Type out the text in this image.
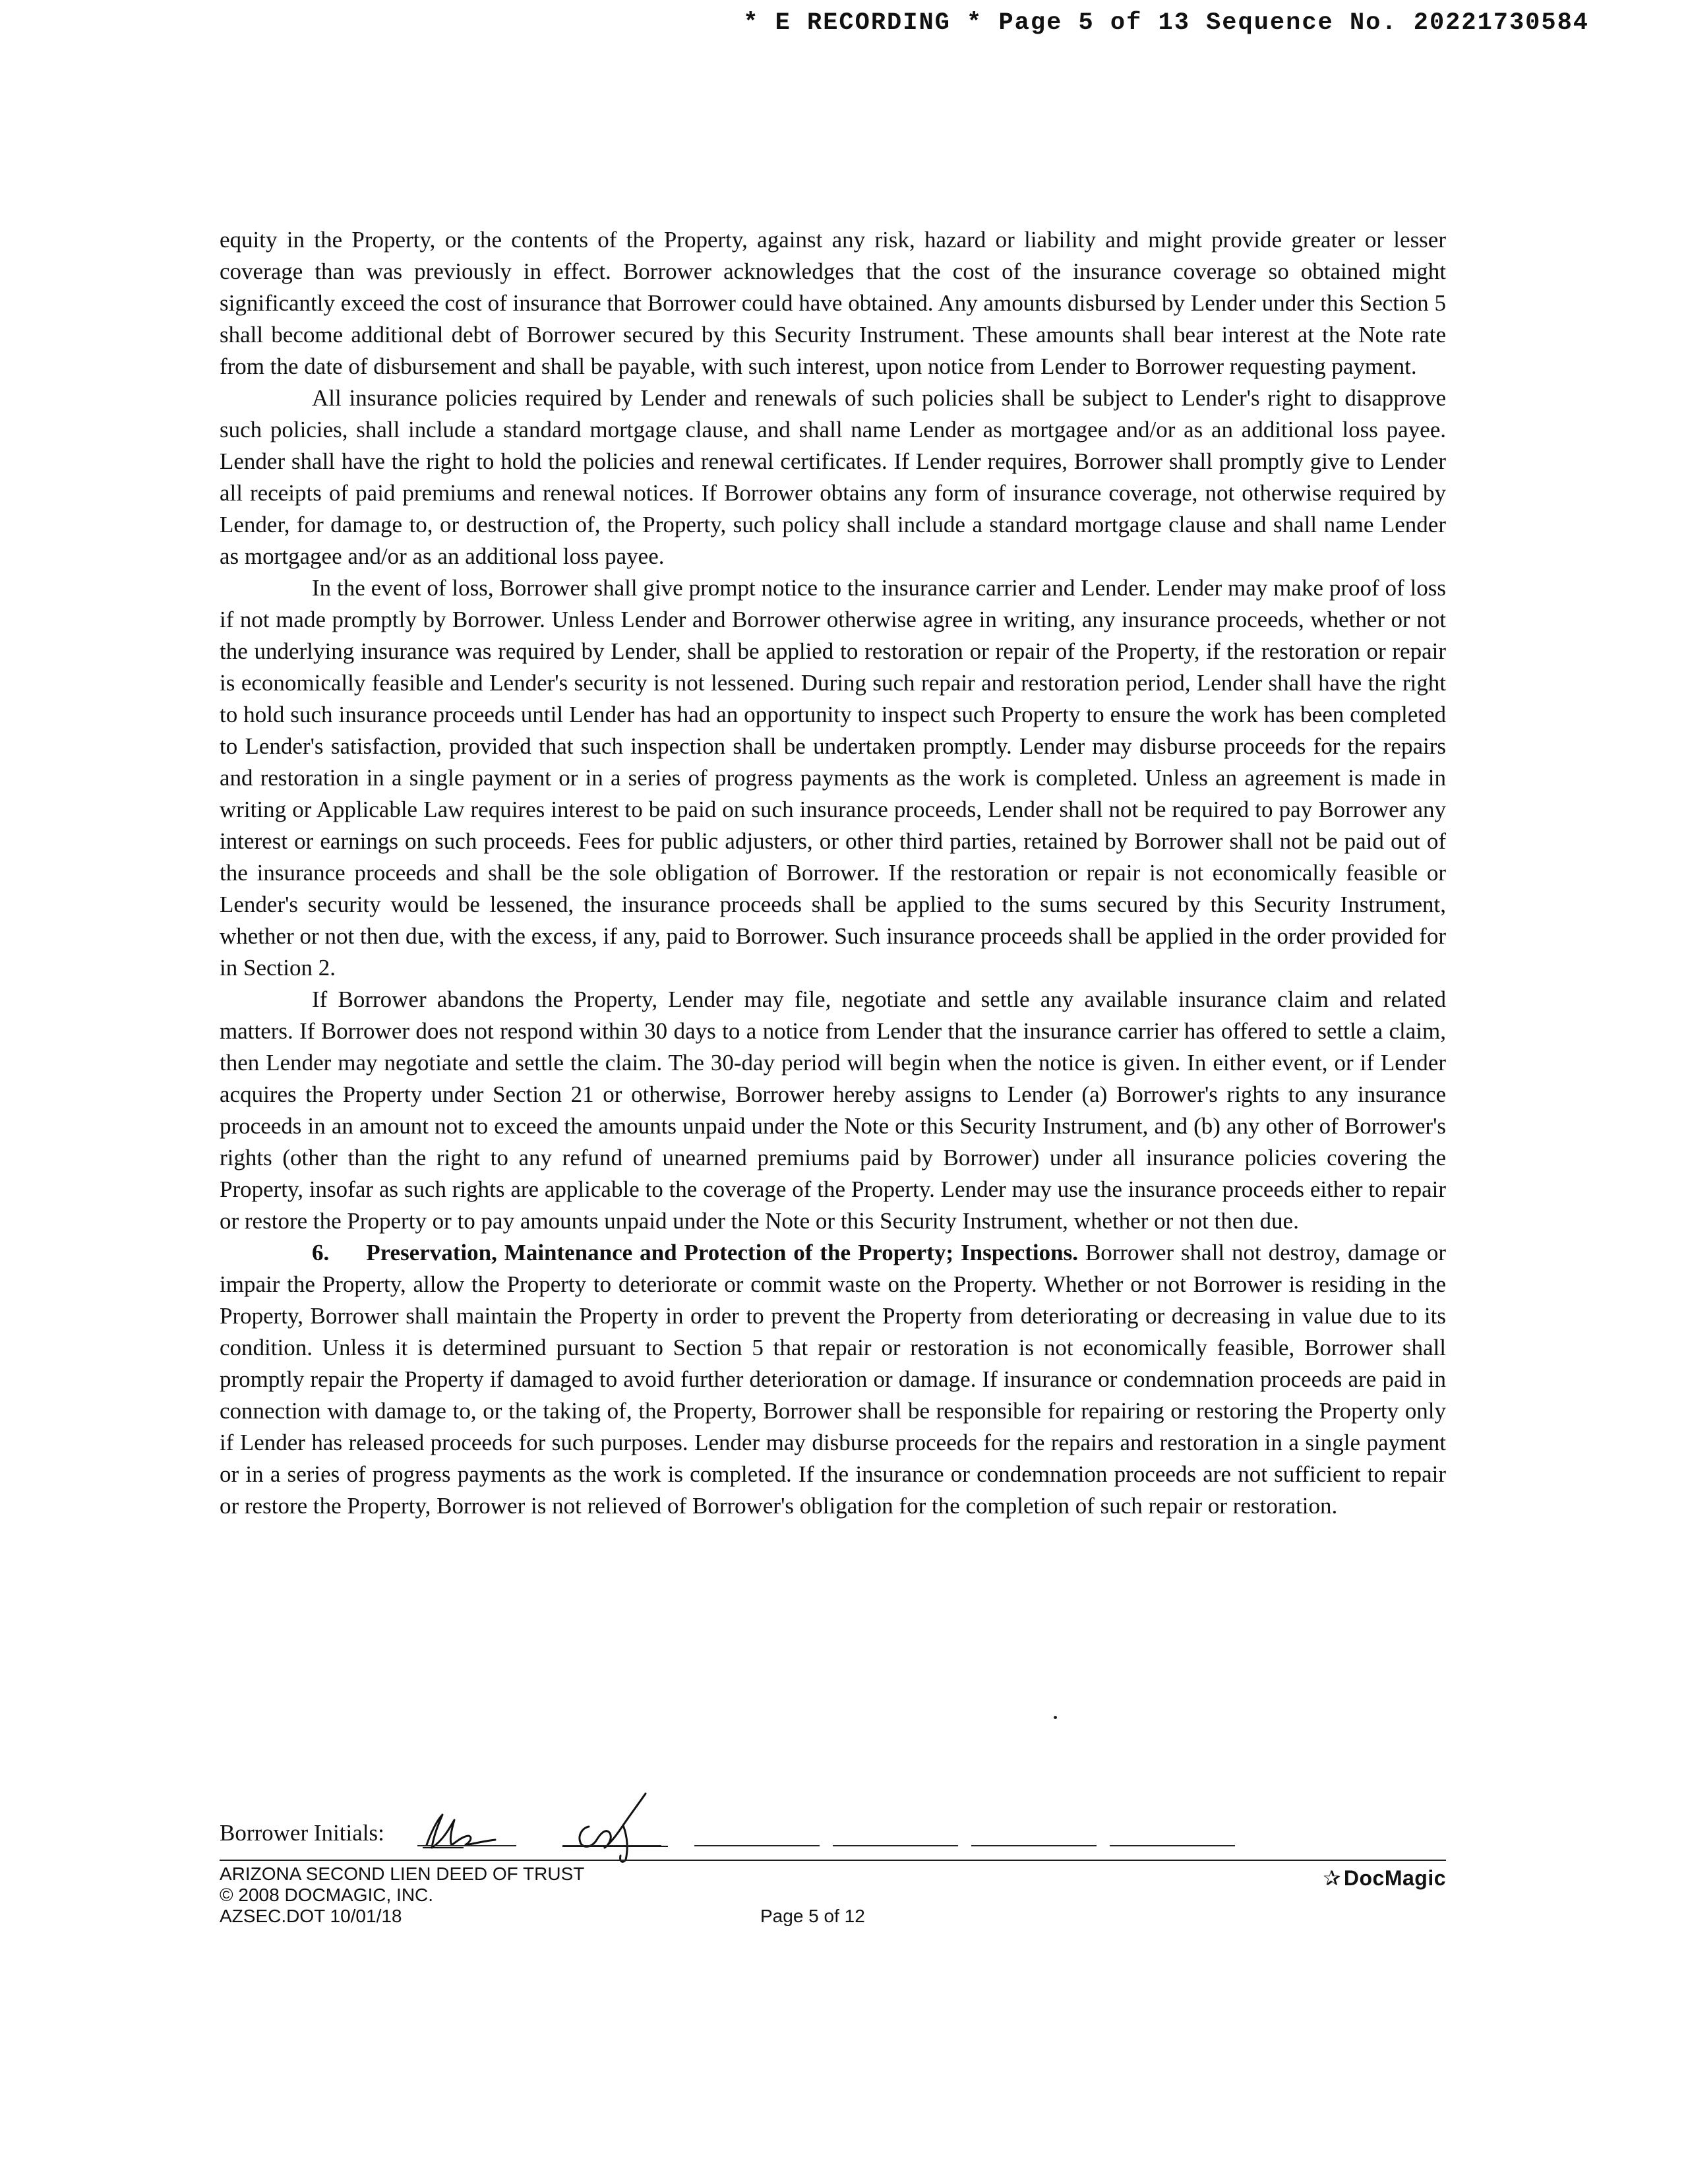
* E RECORDING * Page 5 of 13 Sequence No. 20221730584

equity in the Property, or the contents of the Property, against any risk, hazard or liability and might provide greater or lesser coverage than was previously in effect. Borrower acknowledges that the cost of the insurance coverage so obtained might significantly exceed the cost of insurance that Borrower could have obtained. Any amounts disbursed by Lender under this Section 5 shall become additional debt of Borrower secured by this Security Instrument. These amounts shall bear interest at the Note rate from the date of disbursement and shall be payable, with such interest, upon notice from Lender to Borrower requesting payment.

All insurance policies required by Lender and renewals of such policies shall be subject to Lender's right to disapprove such policies, shall include a standard mortgage clause, and shall name Lender as mortgagee and/or as an additional loss payee. Lender shall have the right to hold the policies and renewal certificates. If Lender requires, Borrower shall promptly give to Lender all receipts of paid premiums and renewal notices. If Borrower obtains any form of insurance coverage, not otherwise required by Lender, for damage to, or destruction of, the Property, such policy shall include a standard mortgage clause and shall name Lender as mortgagee and/or as an additional loss payee.

In the event of loss, Borrower shall give prompt notice to the insurance carrier and Lender. Lender may make proof of loss if not made promptly by Borrower. Unless Lender and Borrower otherwise agree in writing, any insurance proceeds, whether or not the underlying insurance was required by Lender, shall be applied to restoration or repair of the Property, if the restoration or repair is economically feasible and Lender's security is not lessened. During such repair and restoration period, Lender shall have the right to hold such insurance proceeds until Lender has had an opportunity to inspect such Property to ensure the work has been completed to Lender's satisfaction, provided that such inspection shall be undertaken promptly. Lender may disburse proceeds for the repairs and restoration in a single payment or in a series of progress payments as the work is completed. Unless an agreement is made in writing or Applicable Law requires interest to be paid on such insurance proceeds, Lender shall not be required to pay Borrower any interest or earnings on such proceeds. Fees for public adjusters, or other third parties, retained by Borrower shall not be paid out of the insurance proceeds and shall be the sole obligation of Borrower. If the restoration or repair is not economically feasible or Lender's security would be lessened, the insurance proceeds shall be applied to the sums secured by this Security Instrument, whether or not then due, with the excess, if any, paid to Borrower. Such insurance proceeds shall be applied in the order provided for in Section 2.

If Borrower abandons the Property, Lender may file, negotiate and settle any available insurance claim and related matters. If Borrower does not respond within 30 days to a notice from Lender that the insurance carrier has offered to settle a claim, then Lender may negotiate and settle the claim. The 30-day period will begin when the notice is given. In either event, or if Lender acquires the Property under Section 21 or otherwise, Borrower hereby assigns to Lender (a) Borrower's rights to any insurance proceeds in an amount not to exceed the amounts unpaid under the Note or this Security Instrument, and (b) any other of Borrower's rights (other than the right to any refund of unearned premiums paid by Borrower) under all insurance policies covering the Property, insofar as such rights are applicable to the coverage of the Property. Lender may use the insurance proceeds either to repair or restore the Property or to pay amounts unpaid under the Note or this Security Instrument, whether or not then due.

6. Preservation, Maintenance and Protection of the Property; Inspections. Borrower shall not destroy, damage or impair the Property, allow the Property to deteriorate or commit waste on the Property. Whether or not Borrower is residing in the Property, Borrower shall maintain the Property in order to prevent the Property from deteriorating or decreasing in value due to its condition. Unless it is determined pursuant to Section 5 that repair or restoration is not economically feasible, Borrower shall promptly repair the Property if damaged to avoid further deterioration or damage. If insurance or condemnation proceeds are paid in connection with damage to, or the taking of, the Property, Borrower shall be responsible for repairing or restoring the Property only if Lender has released proceeds for such purposes. Lender may disburse proceeds for the repairs and restoration in a single payment or in a series of progress payments as the work is completed. If the insurance or condemnation proceeds are not sufficient to repair or restore the Property, Borrower is not relieved of Borrower's obligation for the completion of such repair or restoration.

Borrower Initials:
ARIZONA SECOND LIEN DEED OF TRUST
© 2008 DOCMAGIC, INC.
AZSEC.DOT 10/01/18	Page 5 of 12
✰ DocMagic
